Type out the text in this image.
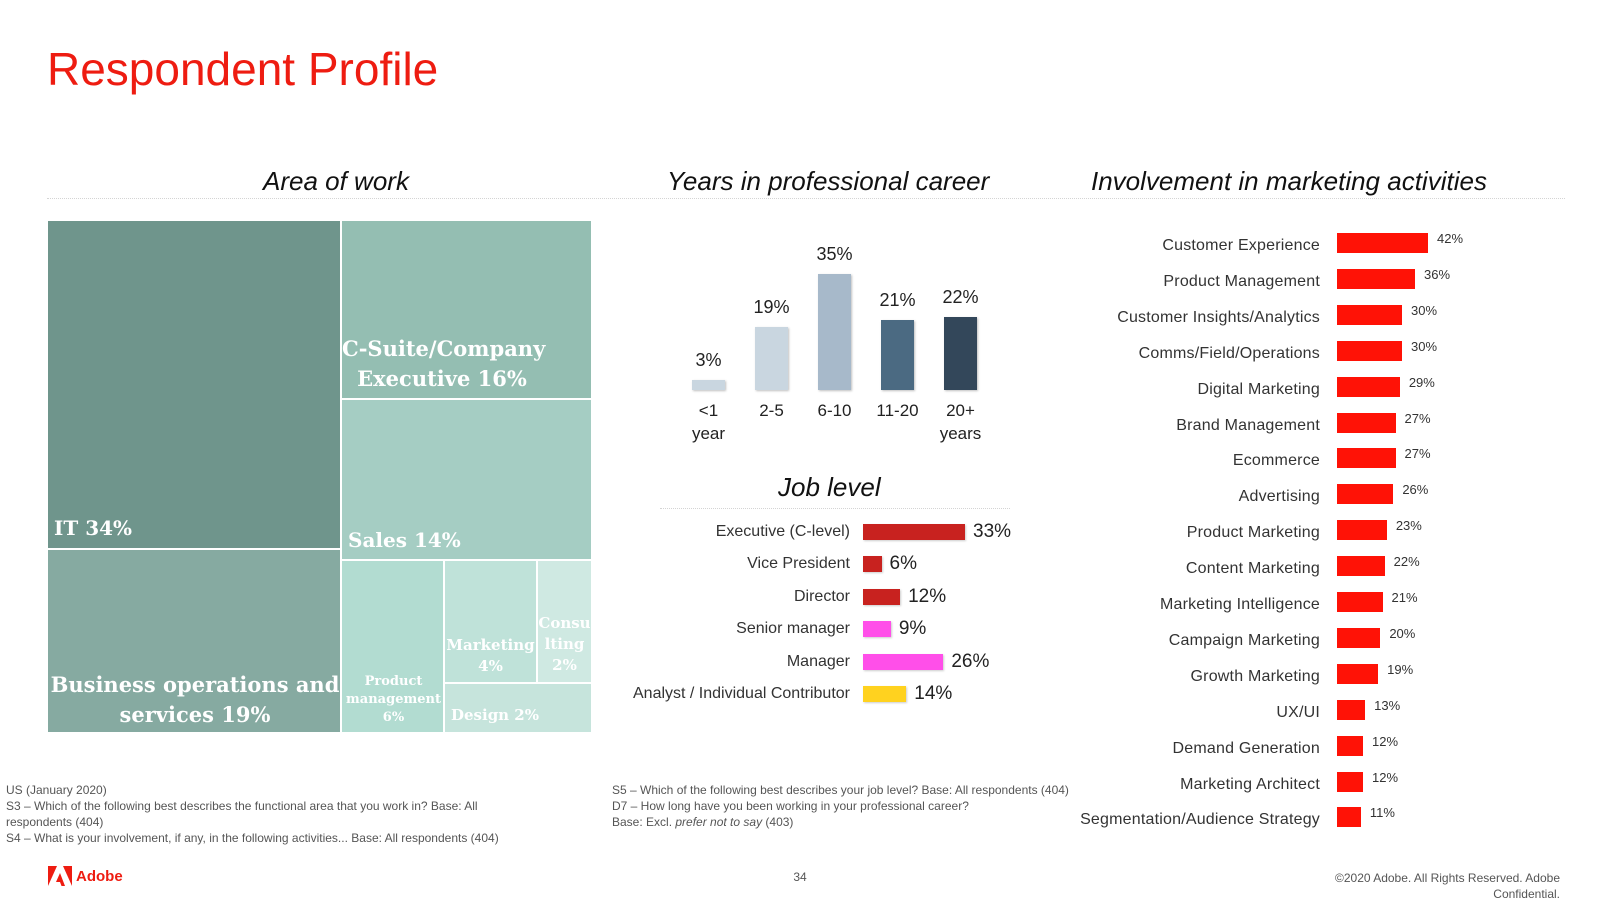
Respondent Profile
Area of work	Years in professional career	Involvement in marketing activities
IT 34%
Business operations and
services 19%
C-Suite/Company
Executive 16%
Sales 14%
Product
management
6%
Marketing
4%
Consu
lting
2%
Design 2%
3%
<1
year
19%
2-5
35%
6-10
21%
11-20
22%
20+
years
Job level
Executive (C-level)	33%
Vice President 6%
Director	12%
Senior manager	9%
Manager	26%
Analyst / Individual Contributor	14%
Customer Experience	42%
Product Management	36%
Customer Insights/Analytics	30%
Comms/Field/Operations	30%
Digital Marketing	29%
Brand Management	27%
Ecommerce	27%
Advertising	26%
Product Marketing	23%
Content Marketing	22%
Marketing Intelligence	21%
Campaign Marketing	20%
Growth Marketing	19%
UX/UI	13%
Demand Generation	12%
Marketing Architect	12%
Segmentation/Audience Strategy	11%
US (January 2020)
S3 – Which of the following best describes the functional area that you work in? Base: All
respondents (404)
S4 – What is your involvement, if any, in the following activities... Base: All respondents (404)
S5 – Which of the following best describes your job level? Base: All respondents (404)
D7 – How long have you been working in your professional career?
Base: Excl. prefer not to say (403)
Adobe	34	©2020 Adobe. All Rights Reserved. Adobe
Confidential.
